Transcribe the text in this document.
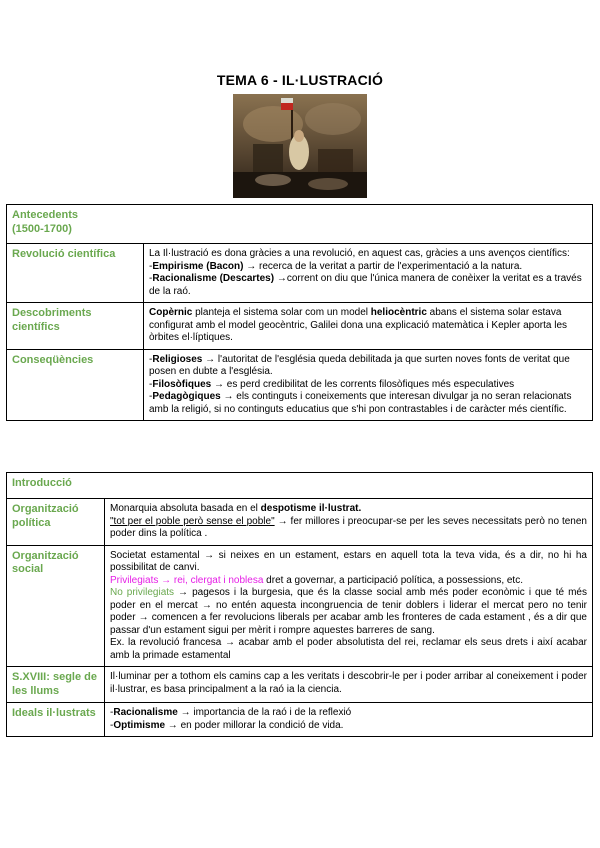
TEMA 6 - IL·LUSTRACIÓ
Antecedents
(1500-1700)	

Revolució científica	La Il·lustració es dona gràcies a una revolució, en aquest cas, gràcies a uns avenços científics:

-Empirisme (Bacon) → recerca de la veritat a partir de l'experimentació a la natura.

-Racionalisme (Descartes) →corrent on diu que l'única manera de conèixer la veritat es a través de la raó.

Descobriments científics	Copèrnic planteja el sistema solar com un model heliocèntric abans el sistema solar estava configurat amb el model geocèntric, Galilei dona una explicació matemàtica i Kepler aporta les òrbites el·líptiques.

Conseqüències	-Religioses → l'autoritat de l'església queda debilitada ja que surten noves fonts de veritat que posen en dubte a l'església.

-Filosòfiques → es perd credibilitat de les corrents filosòfiques més especulatives

-Pedagògiques → els continguts i coneixements que interesan divulgar ja no seran relacionats amb la religió, si no continguts educatius que s'hi pon contrastables i de caràcter més científic.

Introducció	
Organització política	Monarquia absoluta basada en el despotisme il·lustrat.

"tot per el poble però sense el poble" → fer millores i preocupar-se per les seves necessitats però no tenen poder dins la política .

Organització social	Societat estamental → si neixes en un estament, estars en aquell tota la teva vida, és a dir, no hi ha possibilitat de canvi.

Privilegiats → rei, clergat i noblesa dret a governar, a participació política, a possessions, etc.

No privilegiats → pagesos i la burgesia, que és la classe social amb més poder econòmic i que té més poder en el mercat → no entén aquesta incongruencia de tenir doblers i liderar el mercat pero no tenir poder → comencen a fer revolucions liberals per acabar amb les fronteres de cada estament , és a dir que passar d'un estament sigui per mèrit i rompre aquestes barreres de sang.

Ex. la revolució francesa → acabar amb el poder absolutista del rei, reclamar els seus drets i així acabar amb la primade estamental

S.XVIII: segle de les llums	Il·luminar per a tothom els camins cap a les veritats i descobrir-le per i poder arribar al coneixement i poder il·lustrar, es basa principalment a la raó ia la ciencia.

Ideals il·lustrats	-Racionalisme → importancia de la raó i de la reflexió

-Optimisme → en poder millorar la condició de vida.
